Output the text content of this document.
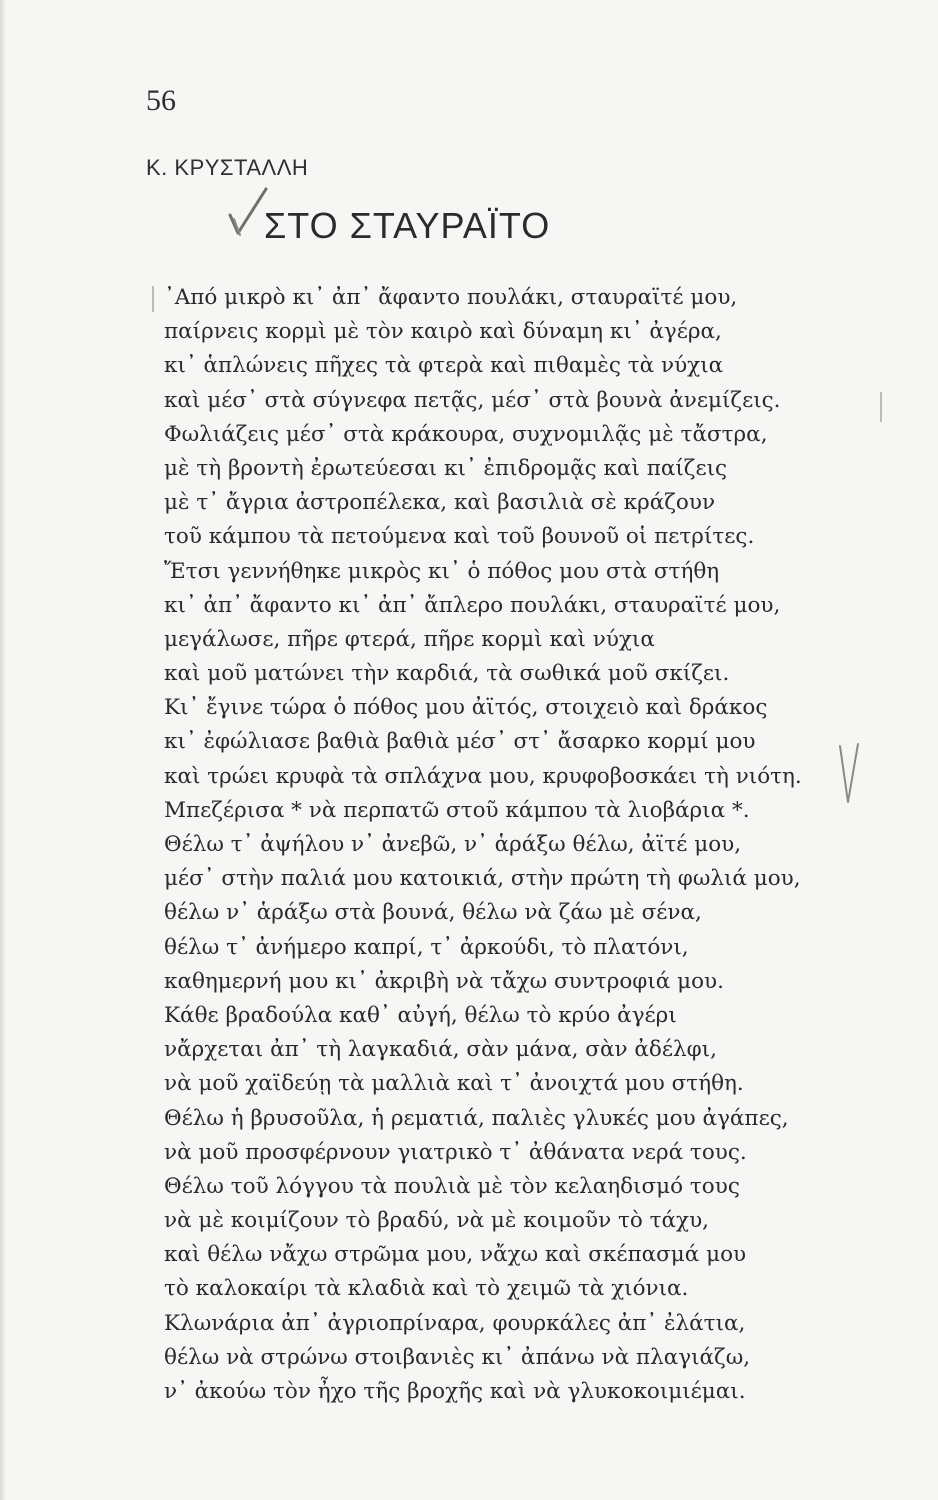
56
Κ. ΚΡΥΣΤΑΛΛΗ
ΣΤΟ ΣΤΑΥΡΑΪΤΟ
᾿Από μικρὸ κι᾿ ἀπ᾿ ἄφαντο πουλάκι, σταυραϊτέ μου,
παίρνεις κορμὶ μὲ τὸν καιρὸ καὶ δύναμη κι᾿ ἀγέρα,
κι᾿ ἁπλώνεις πῆχες τὰ φτερὰ καὶ πιθαμὲς τὰ νύχια
καὶ μέσ᾿ στὰ σύγνεφα πετᾷς, μέσ᾿ στὰ βουνὰ ἀνεμίζεις.
Φωλιάζεις μέσ᾿ στὰ κράκουρα, συχνομιλᾷς μὲ τἄστρα,
μὲ τὴ βροντὴ ἐρωτεύεσαι κι᾿ ἐπιδρομᾷς καὶ παίζεις
μὲ τ᾿ ἄγρια ἀστροπέλεκα, καὶ βασιλιὰ σὲ κράζουν
τοῦ κάμπου τὰ πετούμενα καὶ τοῦ βουνοῦ οἱ πετρίτες.
Ἔτσι γεννήθηκε μικρὸς κι᾿ ὁ πόθος μου στὰ στήθη
κι᾿ ἀπ᾿ ἄφαντο κι᾿ ἀπ᾿ ἄπλερο πουλάκι, σταυραϊτέ μου,
μεγάλωσε, πῆρε φτερά, πῆρε κορμὶ καὶ νύχια
καὶ μοῦ ματώνει τὴν καρδιά, τὰ σωθικά μοῦ σκίζει.
Κι᾿ ἔγινε τώρα ὁ πόθος μου ἀϊτός, στοιχειὸ καὶ δράκος
κι᾿ ἐφώλιασε βαθιὰ βαθιὰ μέσ᾿ στ᾿ ἄσαρκο κορμί μου
καὶ τρώει κρυφὰ τὰ σπλάχνα μου, κρυφοβοσκάει τὴ νιότη.
Μπεζέρισα * νὰ περπατῶ στοῦ κάμπου τὰ λιοβάρια *.
Θέλω τ᾿ ἀψήλου ν᾿ ἀνεβῶ, ν᾿ ἁράξω θέλω, ἀϊτέ μου,
μέσ᾿ στὴν παλιά μου κατοικιά, στὴν πρώτη τὴ φωλιά μου,
θέλω ν᾿ ἁράξω στὰ βουνά, θέλω νὰ ζάω μὲ σένα,
θέλω τ᾿ ἀνήμερο καπρί, τ᾿ ἀρκούδι, τὸ πλατόνι,
καθημερνή μου κι᾿ ἀκριβὴ νὰ τἄχω συντροφιά μου.
Κάθε βραδούλα καθ᾿ αὐγή, θέλω τὸ κρύο ἀγέρι
νἄρχεται ἀπ᾿ τὴ λαγκαδιά, σὰν μάνα, σὰν ἀδέλφι,
νὰ μοῦ χαϊδεύῃ τὰ μαλλιὰ καὶ τ᾿ ἀνοιχτά μου στήθη.
Θέλω ἡ βρυσοῦλα, ἡ ρεματιά, παλιὲς γλυκές μου ἀγάπες,
νὰ μοῦ προσφέρνουν γιατρικὸ τ᾿ ἀθάνατα νερά τους.
Θέλω τοῦ λόγγου τὰ πουλιὰ μὲ τὸν κελαηδισμό τους
νὰ μὲ κοιμίζουν τὸ βραδύ, νὰ μὲ κοιμοῦν τὸ τάχυ,
καὶ θέλω νἄχω στρῶμα μου, νἄχω καὶ σκέπασμά μου
τὸ καλοκαίρι τὰ κλαδιὰ καὶ τὸ χειμῶ τὰ χιόνια.
Κλωνάρια ἀπ᾿ ἀγριοπρίναρα, φουρκάλες ἀπ᾿ ἐλάτια,
θέλω νὰ στρώνω στοιβανιὲς κι᾿ ἀπάνω νὰ πλαγιάζω,
ν᾿ ἀκούω τὸν ἦχο τῆς βροχῆς καὶ νὰ γλυκοκοιμιέμαι.
